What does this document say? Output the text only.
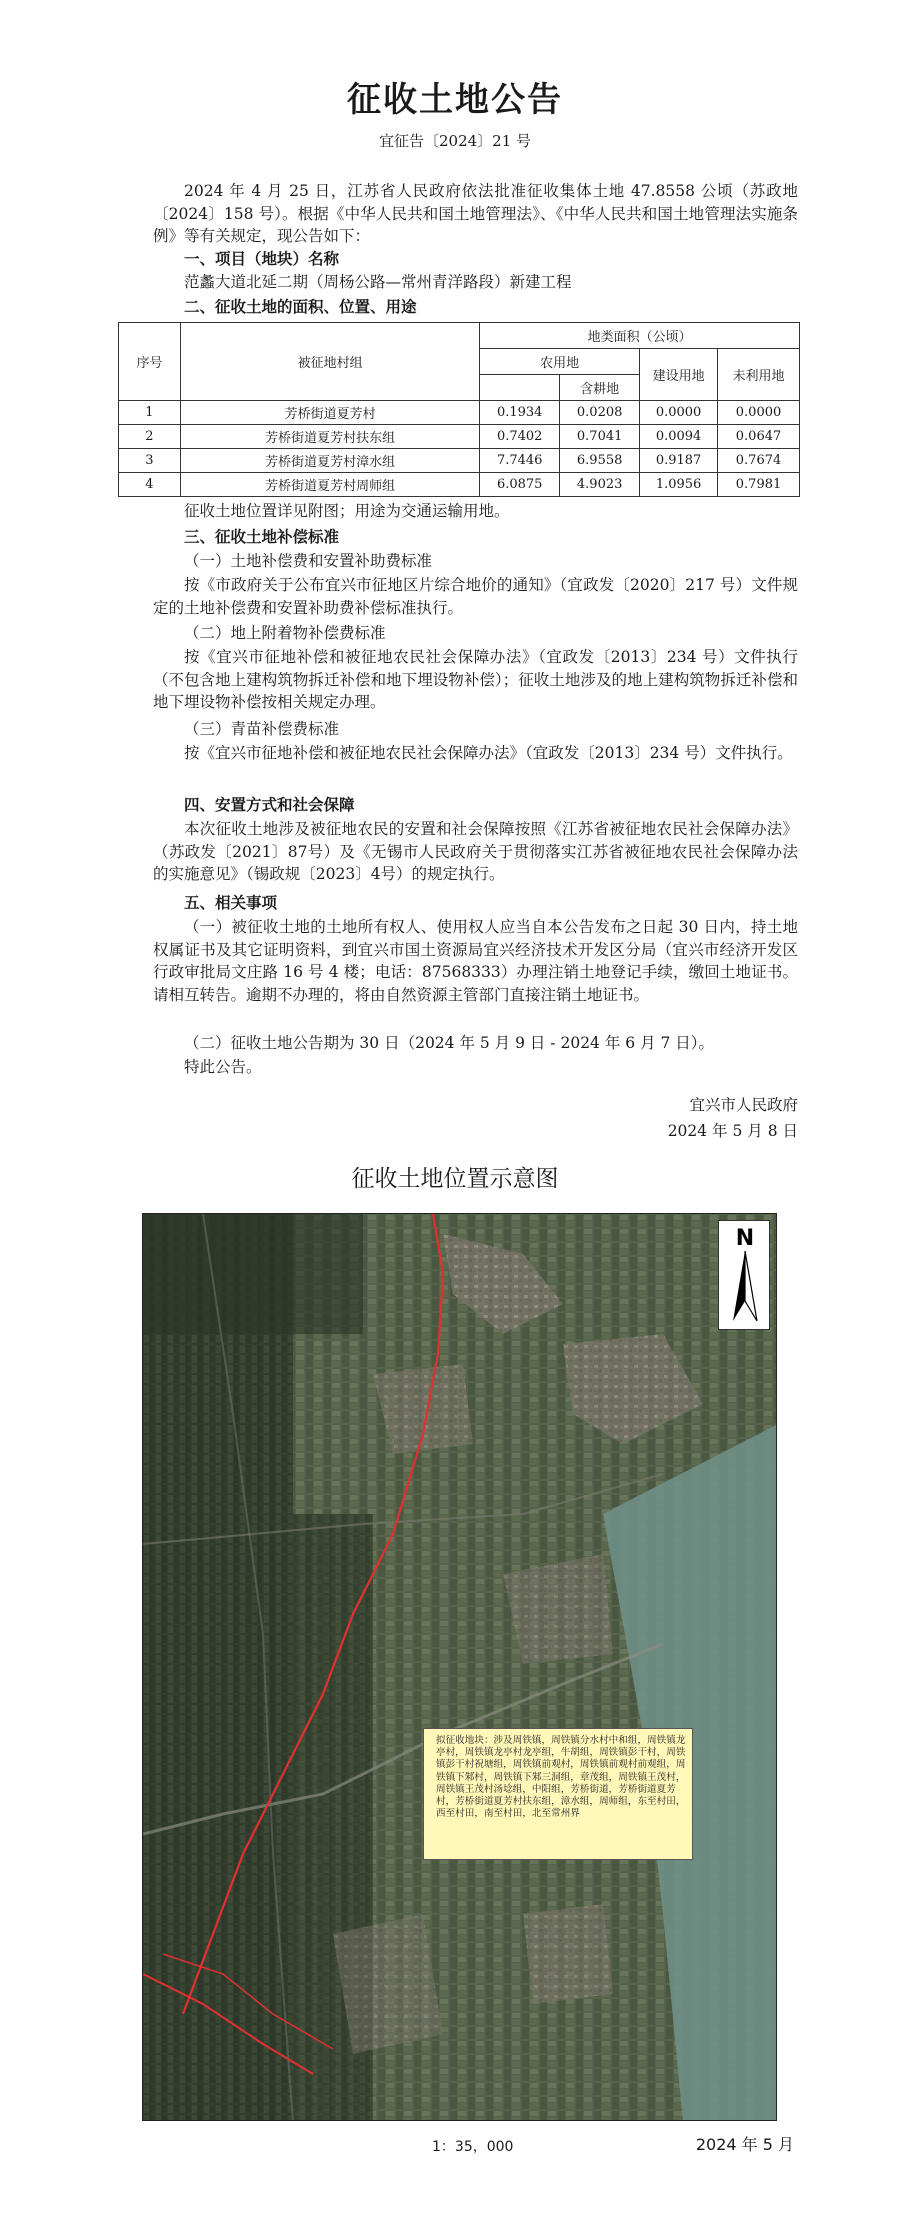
征收土地公告
宜征告〔2024〕21 号
2024 年 4 月 25 日，江苏省人民政府依法批准征收集体土地 47.8558 公顷（苏政地〔2024〕158 号）。根据《中华人民共和国土地管理法》、《中华人民共和国土地管理法实施条例》等有关规定，现公告如下：
一、项目（地块）名称
范蠡大道北延二期（周杨公路—常州青洋路段）新建工程
二、征收土地的面积、位置、用途
序号	被征地村组	地类面积（公顷）			
		农用地		建设用地	未利用地
			含耕地		
1	芳桥街道夏芳村	0.1934	0.0208	0.0000	0.0000
2	芳桥街道夏芳村扶东组	0.7402	0.7041	0.0094	0.0647
3	芳桥街道夏芳村漳水组	7.7446	6.9558	0.9187	0.7674
4	芳桥街道夏芳村周师组	6.0875	4.9023	1.0956	0.7981
征收土地位置详见附图；用途为交通运输用地。
三、征收土地补偿标准
（一）土地补偿费和安置补助费标准
按《市政府关于公布宜兴市征地区片综合地价的通知》（宜政发〔2020〕217 号）文件规定的土地补偿费和安置补助费补偿标准执行。
（二）地上附着物补偿费标准
按《宜兴市征地补偿和被征地农民社会保障办法》（宜政发〔2013〕234 号）文件执行（不包含地上建构筑物拆迁补偿和地下埋设物补偿）；征收土地涉及的地上建构筑物拆迁补偿和地下埋设物补偿按相关规定办理。
（三）青苗补偿费标准
按《宜兴市征地补偿和被征地农民社会保障办法》（宜政发〔2013〕234 号）文件执行。
四、安置方式和社会保障
本次征收土地涉及被征地农民的安置和社会保障按照《江苏省被征地农民社会保障办法》（苏政发〔2021〕87号）及《无锡市人民政府关于贯彻落实江苏省被征地农民社会保障办法的实施意见》（锡政规〔2023〕4号）的规定执行。
五、相关事项
（一）被征收土地的土地所有权人、使用权人应当自本公告发布之日起 30 日内，持土地权属证书及其它证明资料，到宜兴市国土资源局宜兴经济技术开发区分局（宜兴市经济开发区行政审批局文庄路 16 号 4 楼；电话：87568333）办理注销土地登记手续，缴回土地证书。请相互转告。逾期不办理的，将由自然资源主管部门直接注销土地证书。
（二）征收土地公告期为 30 日（2024 年 5 月 9 日 - 2024 年 6 月 7 日）。
特此公告。
宜兴市人民政府
2024 年 5 月 8 日
征收土地位置示意图
N
拟征收地块：涉及周铁镇，周铁镇分水村中和组，周铁镇龙亭村，周铁镇龙亭村龙亭组，牛胡组，周铁镇彭干村，周铁镇彭干村祝塘组，周铁镇前观村，周铁镇前观村前观组，周铁镇下邾村，周铁镇下邾三洞组，章茂组，周铁镇王茂村，周铁镇王茂村汤埝组，中阳组，芳桥街道，芳桥街道夏芳村，芳桥街道夏芳村扶东组，漳水组，周师组，东至村田，西至村田，南至村田，北至常州界
1：35，000	2024 年 5 月
